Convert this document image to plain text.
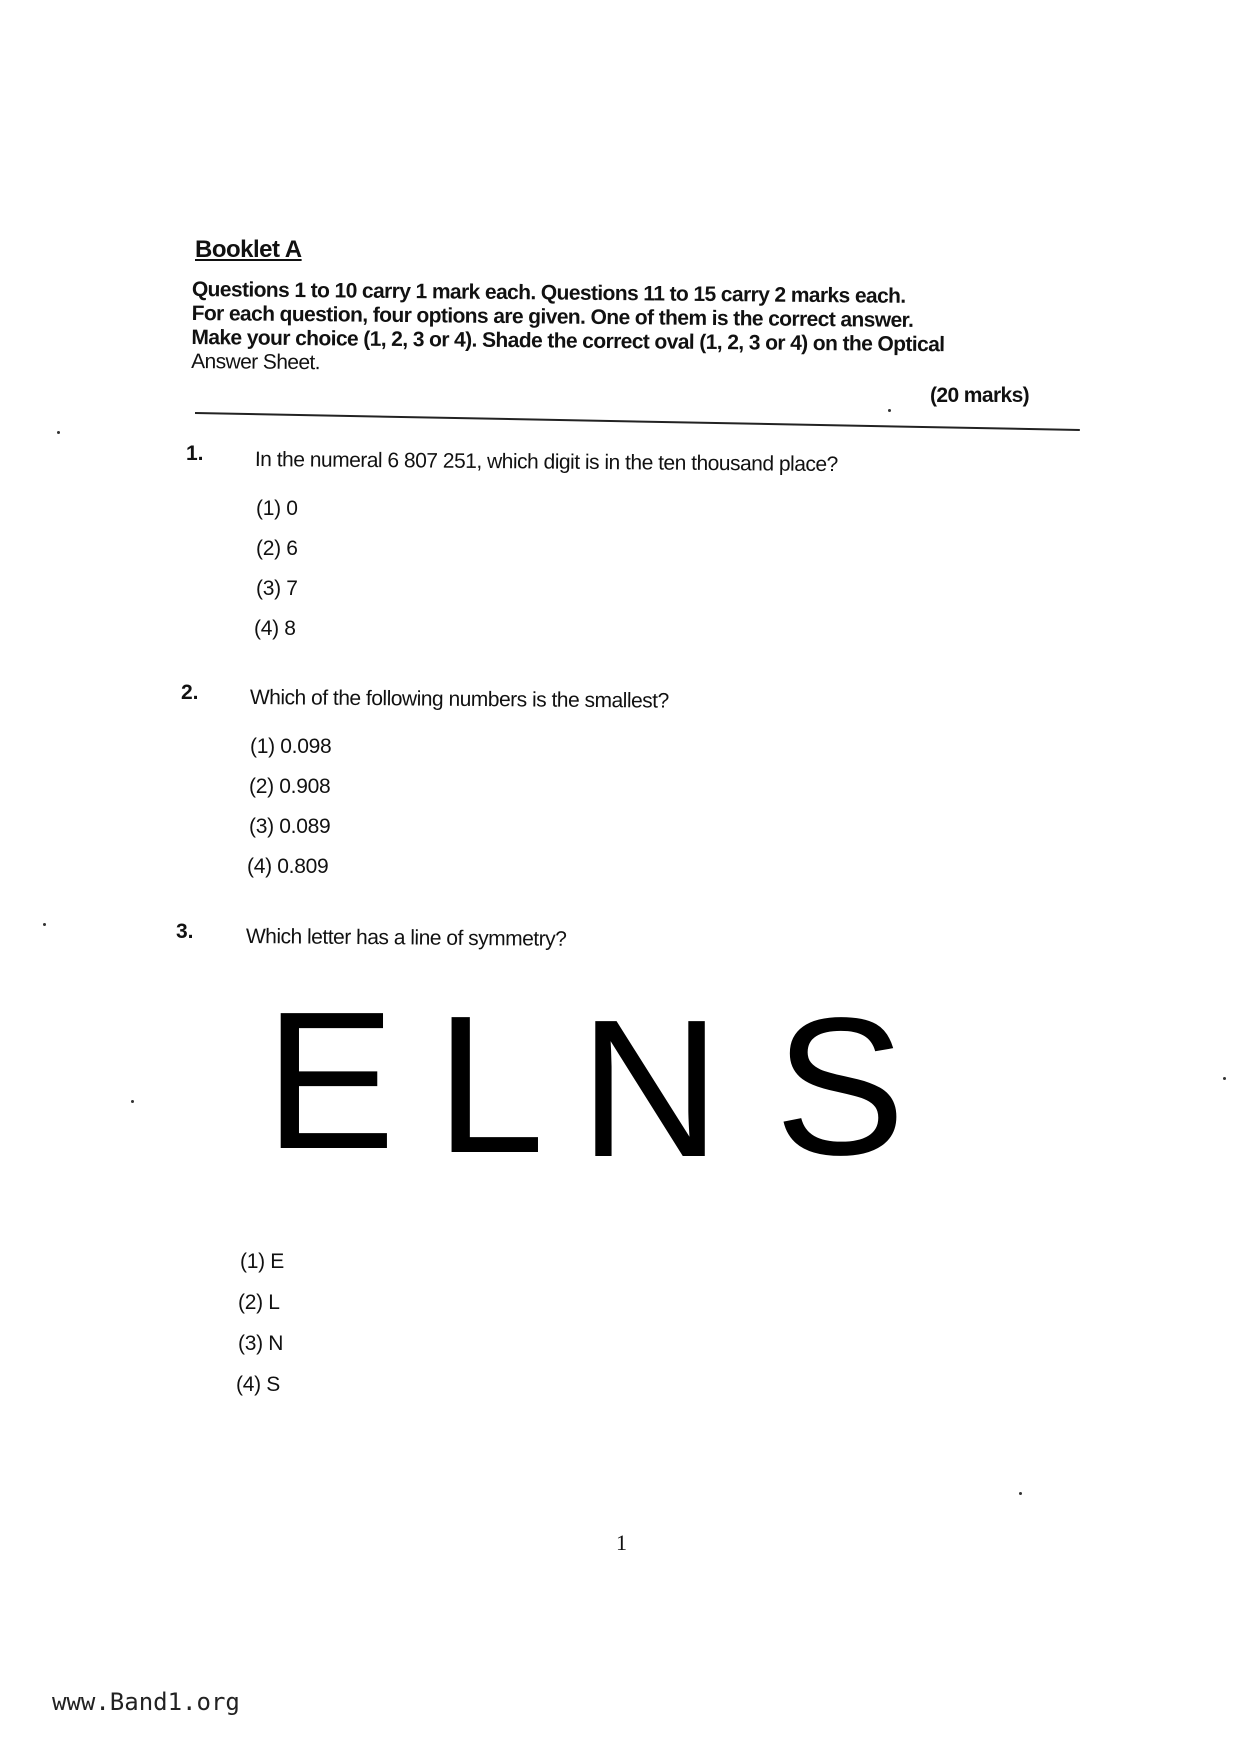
Booklet A
Questions 1 to 10 carry 1 mark each. Questions 11 to 15 carry 2 marks each.
For each question, four options are given. One of them is the correct answer.
Make your choice (1, 2, 3 or 4). Shade the correct oval (1, 2, 3 or 4) on the Optical
Answer Sheet.
(20 marks)
1. In the numeral 6 807 251, which digit is in the ten thousand place?
(1) 0
(2) 6
(3) 7
(4) 8
2. Which of the following numbers is the smallest?
(1) 0.098
(2) 0.908
(3) 0.089
(4) 0.809
3. Which letter has a line of symmetry?
E L N S
(1) E
(2) L
(3) N
(4) S
1
www.Band1.org
